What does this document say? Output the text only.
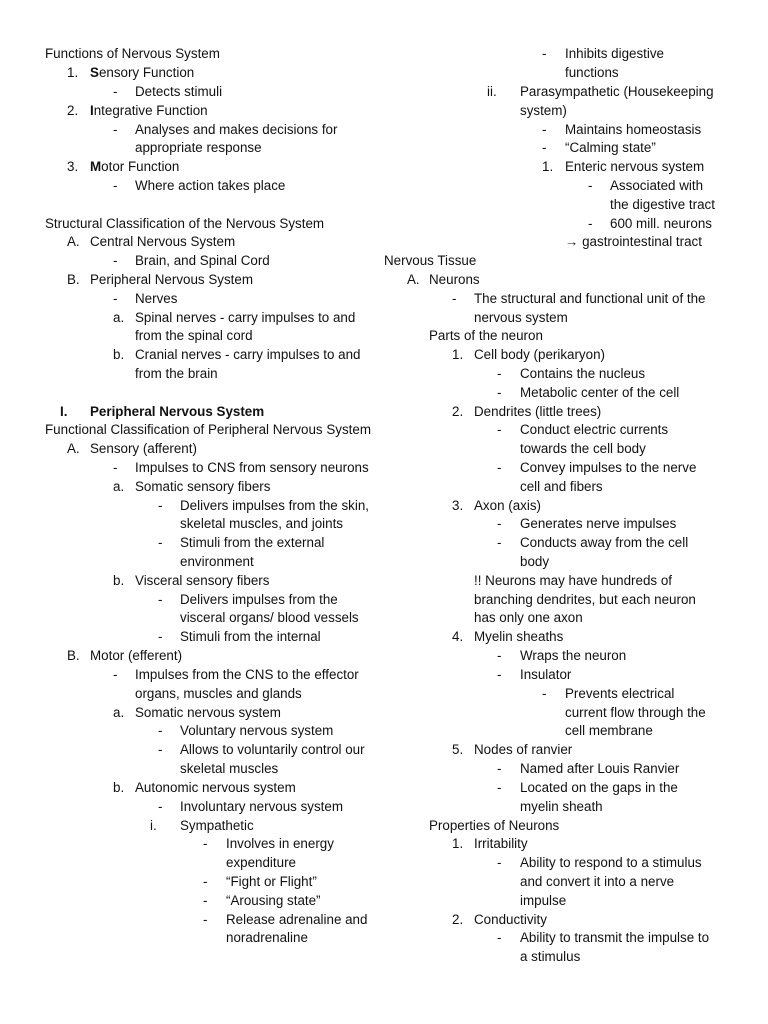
Functions of Nervous System
1. Sensory Function
- Detects stimuli
2. Integrative Function
- Analyses and makes decisions for
appropriate response
3. Motor Function
- Where action takes place
Structural Classification of the Nervous System
A. Central Nervous System
- Brain, and Spinal Cord
B. Peripheral Nervous System
- Nerves
a. Spinal nerves - carry impulses to and
from the spinal cord
b. Cranial nerves - carry impulses to and
from the brain
I. Peripheral Nervous System
Functional Classification of Peripheral Nervous System
A. Sensory (afferent)
- Impulses to CNS from sensory neurons
a. Somatic sensory fibers
- Delivers impulses from the skin,
skeletal muscles, and joints
- Stimuli from the external
environment
b. Visceral sensory fibers
- Delivers impulses from the
visceral organs/ blood vessels
- Stimuli from the internal
B. Motor (efferent)
- Impulses from the CNS to the effector
organs, muscles and glands
a. Somatic nervous system
- Voluntary nervous system
- Allows to voluntarily control our
skeletal muscles
b. Autonomic nervous system
- Involuntary nervous system
i. Sympathetic
- Involves in energy
expenditure
- “Fight or Flight”
- “Arousing state”
- Release adrenaline and
noradrenaline
- Inhibits digestive
functions
ii. Parasympathetic (Housekeeping
system)
- Maintains homeostasis
- “Calming state”
1. Enteric nervous system
- Associated with
the digestive tract
- 600 mill. neurons
→ gastrointestinal tract
Nervous Tissue
A. Neurons
- The structural and functional unit of the
nervous system
Parts of the neuron
1. Cell body (perikaryon)
- Contains the nucleus
- Metabolic center of the cell
2. Dendrites (little trees)
- Conduct electric currents
towards the cell body
- Convey impulses to the nerve
cell and fibers
3. Axon (axis)
- Generates nerve impulses
- Conducts away from the cell
body
!! Neurons may have hundreds of
branching dendrites, but each neuron
has only one axon
4. Myelin sheaths
- Wraps the neuron
- Insulator
- Prevents electrical
current flow through the
cell membrane
5. Nodes of ranvier
- Named after Louis Ranvier
- Located on the gaps in the
myelin sheath
Properties of Neurons
1. Irritability
- Ability to respond to a stimulus
and convert it into a nerve
impulse
2. Conductivity
- Ability to transmit the impulse to
a stimulus
